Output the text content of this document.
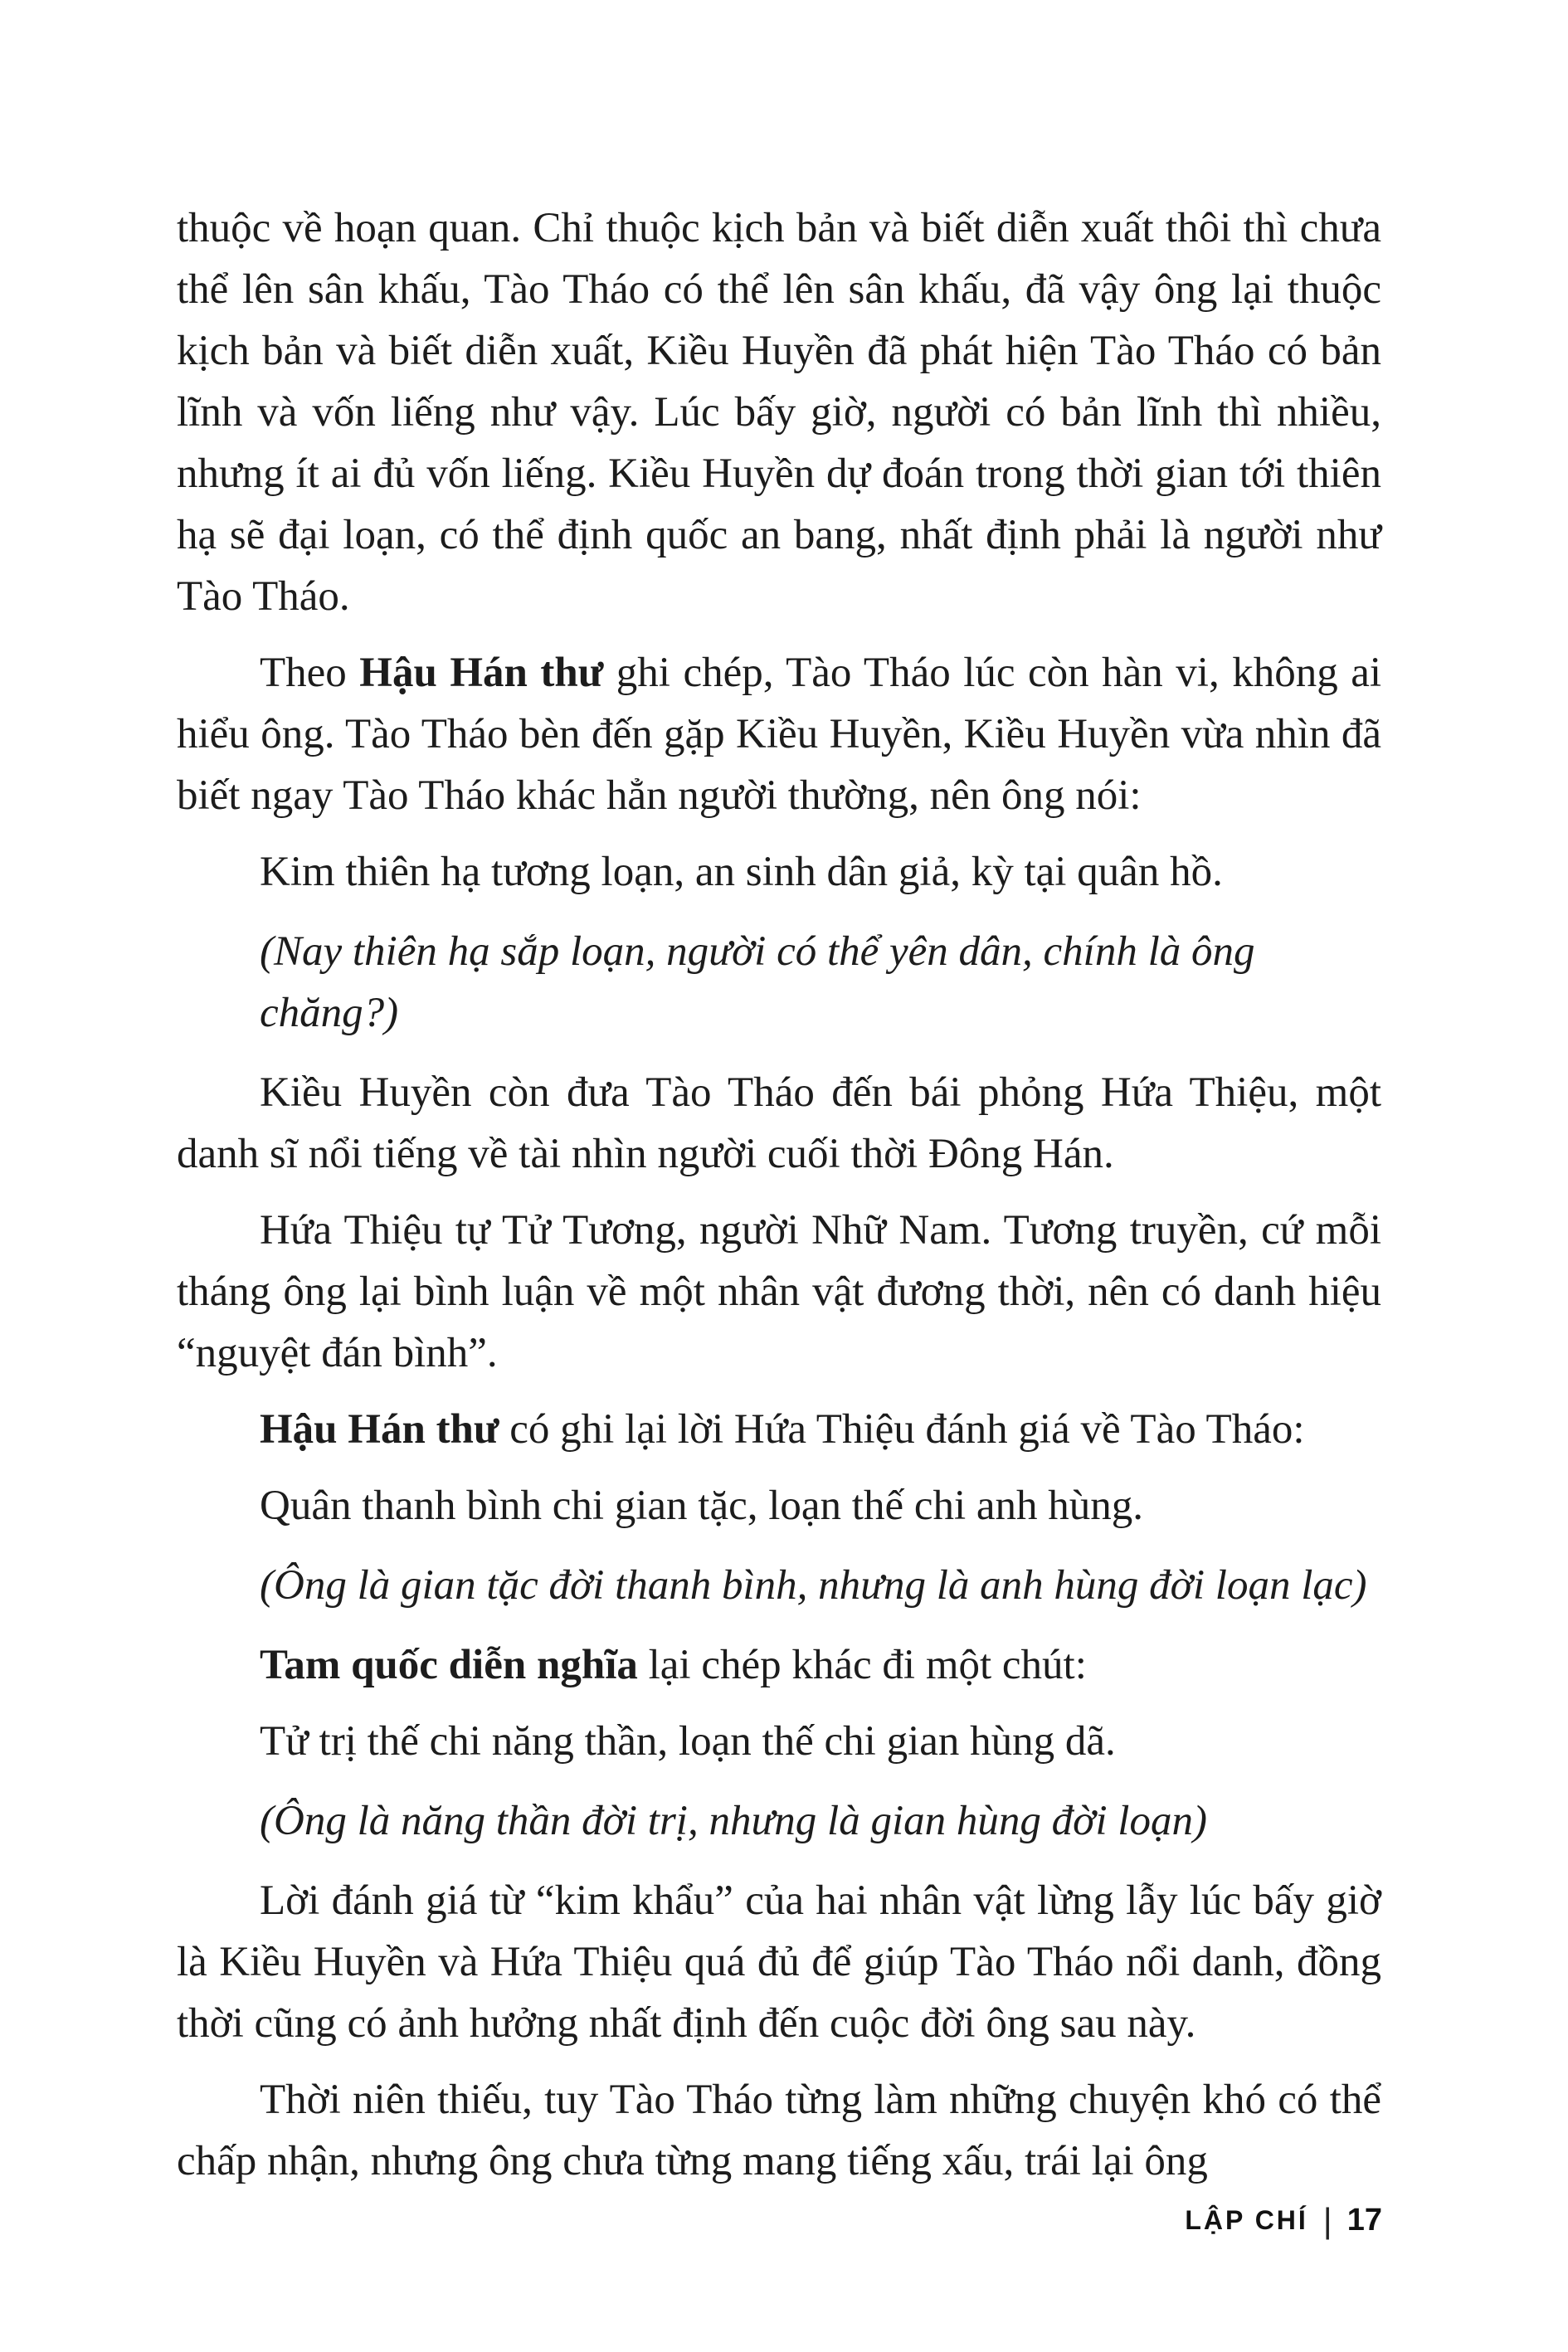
thuộc về hoạn quan. Chỉ thuộc kịch bản và biết diễn xuất thôi thì chưa thể lên sân khấu, Tào Tháo có thể lên sân khấu, đã vậy ông lại thuộc kịch bản và biết diễn xuất, Kiều Huyền đã phát hiện Tào Tháo có bản lĩnh và vốn liếng như vậy. Lúc bấy giờ, người có bản lĩnh thì nhiều, nhưng ít ai đủ vốn liếng. Kiều Huyền dự đoán trong thời gian tới thiên hạ sẽ đại loạn, có thể định quốc an bang, nhất định phải là người như Tào Tháo.

Theo Hậu Hán thư ghi chép, Tào Tháo lúc còn hàn vi, không ai hiểu ông. Tào Tháo bèn đến gặp Kiều Huyền, Kiều Huyền vừa nhìn đã biết ngay Tào Tháo khác hẳn người thường, nên ông nói:

Kim thiên hạ tương loạn, an sinh dân giả, kỳ tại quân hồ.

(Nay thiên hạ sắp loạn, người có thể yên dân, chính là ông chăng?)

Kiều Huyền còn đưa Tào Tháo đến bái phỏng Hứa Thiệu, một danh sĩ nổi tiếng về tài nhìn người cuối thời Đông Hán.

Hứa Thiệu tự Tử Tương, người Nhữ Nam. Tương truyền, cứ mỗi tháng ông lại bình luận về một nhân vật đương thời, nên có danh hiệu “nguyệt đán bình”.

Hậu Hán thư có ghi lại lời Hứa Thiệu đánh giá về Tào Tháo:

Quân thanh bình chi gian tặc, loạn thế chi anh hùng.

(Ông là gian tặc đời thanh bình, nhưng là anh hùng đời loạn lạc)

Tam quốc diễn nghĩa lại chép khác đi một chút:

Tử trị thế chi năng thần, loạn thế chi gian hùng dã.

(Ông là năng thần đời trị, nhưng là gian hùng đời loạn)

Lời đánh giá từ “kim khẩu” của hai nhân vật lừng lẫy lúc bấy giờ là Kiều Huyền và Hứa Thiệu quá đủ để giúp Tào Tháo nổi danh, đồng thời cũng có ảnh hưởng nhất định đến cuộc đời ông sau này.

Thời niên thiếu, tuy Tào Tháo từng làm những chuyện khó có thể chấp nhận, nhưng ông chưa từng mang tiếng xấu, trái lại ông

LẬP CHÍ | 17
